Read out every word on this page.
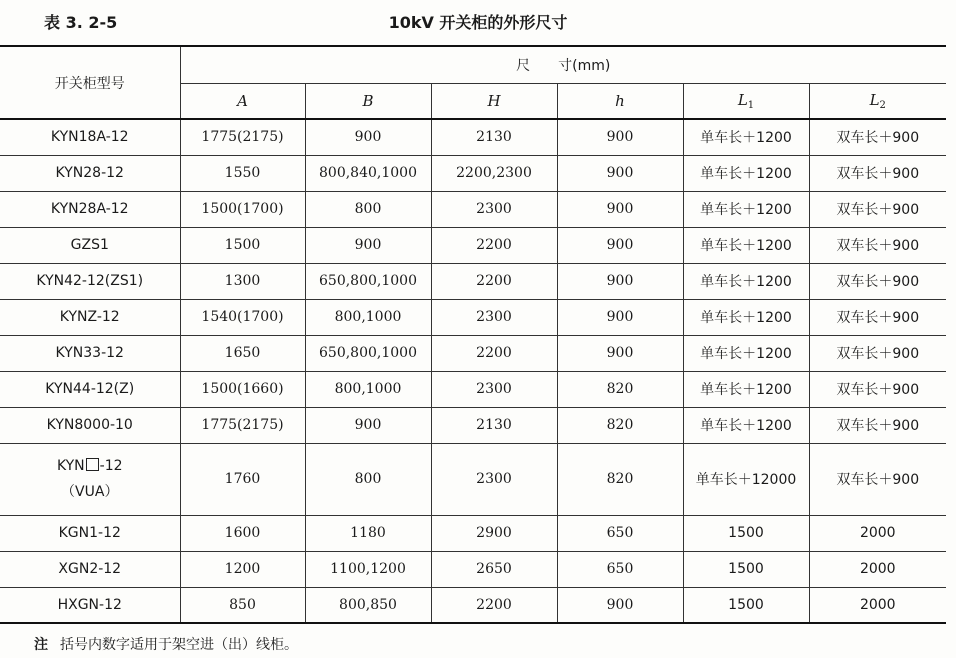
表 3. 2-5	10kV 开关柜的外形尺寸
开关柜型号	尺　　寸(mm)					
	A	B	H	h	$L_1$	$L_2$
KYN18A-12	1775(2175)	900	2130	900	单车长＋1200	双车长＋900
KYN28-12	1550	800,840,1000	2200,2300	900	单车长＋1200	双车长＋900
KYN28A-12	1500(1700)	800	2300	900	单车长＋1200	双车长＋900
GZS1	1500	900	2200	900	单车长＋1200	双车长＋900
KYN42-12(ZS1)	1300	650,800,1000	2200	900	单车长＋1200	双车长＋900
KYNZ-12	1540(1700)	800,1000	2300	900	单车长＋1200	双车长＋900
KYN33-12	1650	650,800,1000	2200	900	单车长＋1200	双车长＋900
KYN44-12(Z)	1500(1660)	800,1000	2300	820	单车长＋1200	双车长＋900
KYN8000-10	1775(2175)	900	2130	820	单车长＋1200	双车长＋900
KYN -12
（VUA）	1760	800	2300	820	单车长＋12000	双车长＋900
KGN1-12	1600	1180	2900	650	1500	2000
XGN2-12	1200	1100,1200	2650	650	1500	2000
HXGN-12	850	800,850	2200	900	1500	2000
注 括号内数字适用于架空进（出）线柜。
